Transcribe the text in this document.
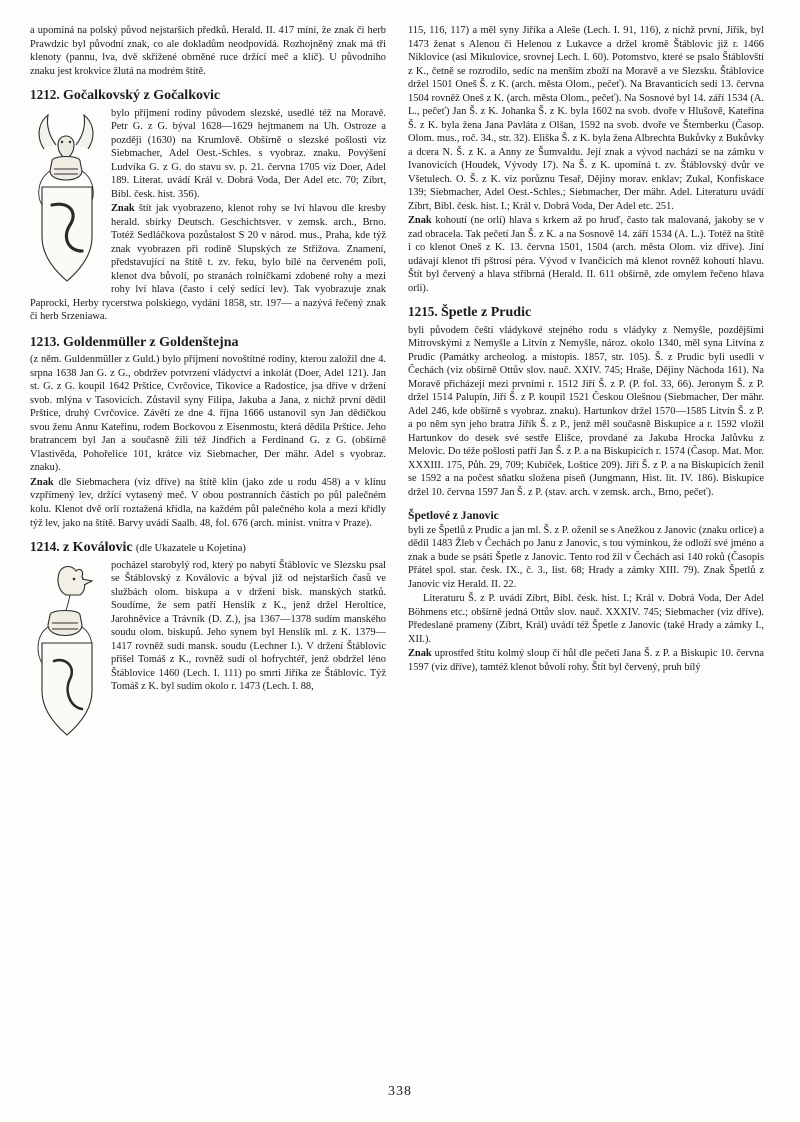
a upomíná na polský původ nejstarších předků. Herald. II. 417 míní, že znak či herb Prawdzic byl původní znak, co ale dokladům neodpovídá. Rozhojněný znak má tři klenoty (pannu, lva, dvě skřížené obrněné ruce držící meč a klíč). U původního znaku jest krokvice žlutá na modrém štítě.

1212. Gočalkovský z Gočalkovic

bylo příjmení rodiny původem slezské, usedlé též na Moravě. Petr G. z G. býval 1628—1629 hejtmanem na Uh. Ostroze a později (1630) na Krumlově. Obšírně o slezské pošlosti viz Siebmacher, Adel Oest.-Schles. s vyobraz. znaku. Povýšení Ludvíka G. z G. do stavu sv. p. 21. června 1705 viz Doer, Adel 189. Literat. uvádí Král v. Dobrá Voda, Der Adel etc. 70; Zíbrt, Bibl. česk. hist. 356).

Znak štít jak vyobrazeno, klenot rohy se lví hlavou dle kresby herald. sbírky Deutsch. Geschichtsver. v zemsk. arch., Brno. Totéž Sedláčkova pozůstalost S 20 v národ. mus., Praha, kde týž znak vyobrazen při rodině Slupských ze Střížova. Znamení, představující na štítě t. zv. řeku, bylo bílé na červeném poli, klenot dva bůvolí, po stranách rolničkami zdobené rohy a mezi rohy lví hlava (často i celý sedící lev). Tak vyobrazuje znak Paprocki, Herby rycerstwa polskiego, vydání 1858, str. 197— a nazývá řečený znak či herb Srzeniawa.

1213. Goldenmüller z Goldenštejna

(z něm. Guldenmüller z Guld.) bylo příjmení novoštítné rodiny, kterou založil dne 4. srpna 1638 Jan G. z G., obdržev potvrzení vládyctví a inkolát (Doer, Adel 121). Jan st. G. z G. koupil 1642 Prštice, Cvrčovice, Tikovice a Radostice, jsa dříve v držení svob. mlýna v Tasovicích. Zůstavil syny Filipa, Jakuba a Jana, z nichž první dědil Prštice, druhý Cvrčovice. Závětí ze dne 4. října 1666 ustanovil syn Jan dědičkou svou ženu Annu Kateřinu, rodem Bockovou z Eisenmostu, která dědila Prštice. Jeho bratrancem byl Jan a současně žili též Jindřich a Ferdinand G. z G. (obšírně Vlastivěda, Pohořelice 101, krátce viz Siebmacher, Der mähr. Adel s vyobraz. znaku).

Znak dle Siebmachera (viz dříve) na štítě klín (jako zde u rodu 458) a v klínu vzpřímený lev, držící vytasený meč. V obou postranních částích po půl palečném kolu. Klenot dvě orlí roztažená křídla, na každém půl palečného kola a mezi křídly týž lev, jako na štítě. Barvy uvádí Saalb. 48, fol. 676 (arch. minist. vnitra v Praze).

1214. z Koválovic (dle Ukazatele u Kojetína)

pocházel starobylý rod, který po nabytí Štáblovic ve Slezsku psal se Štáblovský z Koválovic a býval již od nejstarších časů ve službách olom. biskupa a v držení bisk. manských statků. Soudíme, že sem patří Henslík z K., jenž držel Heroltice, Jarohněvice a Trávník (D. Z.), jsa 1367—1378 sudím manského soudu olom. biskupů. Jeho synem byl Henslík ml. z K. 1379—1417 rovněž sudí mansk. soudu (Lechner I.). V držení Štáblovic přišel Tomáš z K., rovněž sudí ol hofrychtéř, jenž obdržel léno Štáblovice 1460 (Lech. I. 111) po smrti Jiříka ze Štáblovic. Týž Tomáš z K. byl sudím okolo r. 1473 (Lech. I. 88,

115, 116, 117) a měl syny Jiříka a Aleše (Lech. I. 91, 116), z nichž první, Jiřík, byl 1473 ženat s Alenou či Helenou z Lukavce a držel kromě Štáblovic již r. 1466 Niklovice (asi Mikulovice, srovnej Lech. I. 60). Potomstvo, které se psalo Štáblovští z K., četně se rozrodilo, sedíc na menším zboží na Moravě a ve Slezsku. Štáblovice držel 1501 Oneš Š. z K. (arch. města Olom., pečeť). Na Bravanticích sedí 13. června 1504 rovněž Oneš z K. (arch. města Olom., pečeť). Na Sosnové byl 14. září 1534 (A. L., pečeť) Jan Š. z K. Johanka Š. z K. byla 1602 na svob. dvoře v Hlušově, Kateřina Š. z K. byla žena Jana Pavláta z Olšan, 1592 na svob. dvoře ve Šternberku (Časop. Olom. mus., roč. 34., str. 32). Eliška Š. z K. byla žena Albrechta Bukůvky z Bukůvky a dcera N. Š. z K. a Anny ze Šumvaldu. Její znak a vývod nachází se na zámku v Ivanovicích (Houdek, Vývody 17). Na Š. z K. upomíná t. zv. Štáblovský dvůr ve Všetulech. O. Š. z K. viz porůznu Tesař, Dějiny morav. enklav; Zukal, Konfiskace 139; Siebmacher, Adel Oest.-Schles.; Siebmacher, Der mähr. Adel. Literaturu uvádí Zíbrt, Bibl. česk. hist. I.; Král v. Dobrá Voda, Der Adel etc. 251.

Znak kohoutí (ne orlí) hlava s krkem až po hruď, často tak malovaná, jakoby se v zad obracela. Tak pečetí Jan Š. z K. a na Sosnově 14. září 1534 (A. L.). Totéž na štítě i co klenot Oneš z K. 13. června 1501, 1504 (arch. města Olom. viz dříve). Jiní udávají klenot tři pštrosí péra. Vývod v Ivančicích má klenot rovněž kohoutí hlavu. Štít byl červený a hlava stříbrná (Herald. II. 611 obšírně, zde omylem řečeno hlava orlí).

1215. Špetle z Prudic

byli původem čeští vládykové stejného rodu s vládyky z Nemyšle, pozdějšími Mitrovskými z Nemyšle a Litvín z Nemyšle, nároz. okolo 1340, měl syna Litvína z Prudic (Památky archeolog. a místopis. 1857, str. 105). Š. z Prudic byli usedli v Čechách (viz obšírně Ottův slov. nauč. XXIV. 745; Hraše, Dějiny Náchoda 161). Na Moravě přicházejí mezi prvními r. 1512 Jiří Š. z P. (P. fol. 33, 66). Jeronym Š. z P. držel 1514 Palupín, Jiří Š. z P. koupil 1521 Českou Olešnou (Siebmacher, Der mähr. Adel 246, kde obšírně s vyobraz. znaku). Hartunkov držel 1570—1585 Litvín Š. z P. a po něm syn jeho bratra Jiřík Š. z P., jenž měl současně Biskupice a r. 1592 vložil Hartunkov do desek své sestře Elišce, provdané za Jakuba Hrocka Jalůvku z Melovic. Do téže pošlosti patří Jan Š. z P. a na Biskupicích r. 1574 (Časop. Mat. Mor. XXXIII. 175, Půh. 29, 709; Kubíček, Loštice 209). Jiří Š. z P. a na Biskupicích ženil se 1592 a na počest sňatku složena píseň (Jungmann, Hist. lit. IV. 186). Biskupice držel 10. června 1597 Jan Š. z P. (stav. arch. v zemsk. arch., Brno, pečeť).

Špetlové z Janovic

byli ze Špetlů z Prudic a jan ml. Š. z P. oženil se s Anežkou z Janovic (znaku orlice) a dědil 1483 Žleb v Čechách po Janu z Janovic, s tou výmínkou, že odloží své jméno a znak a bude se psáti Špetle z Janovic. Tento rod žil v Čechách asi 140 roků (Časopis Přátel spol. star. česk. IX., č. 3., list. 68; Hrady a zámky XIII. 79). Znak Špetlů z Janovic viz Herald. II. 22.

Literaturu Š. z P. uvádí Zíbrt, Bibl. česk. hist. I.; Král v. Dobrá Voda, Der Adel Böhmens etc.; obšírně jedná Ottův slov. nauč. XXXIV. 745; Siebmacher (viz dříve). Předeslané prameny (Zíbrt, Král) uvádí též Špetle z Janovic (také Hrady a zámky I., XII.).

Znak uprostřed štítu kolmý sloup či hůl dle pečeti Jana Š. z P. a Biskupic 10. června 1597 (viz dříve), tamtéž klenot bůvolí rohy. Štít byl červený, pruh bílý

338
